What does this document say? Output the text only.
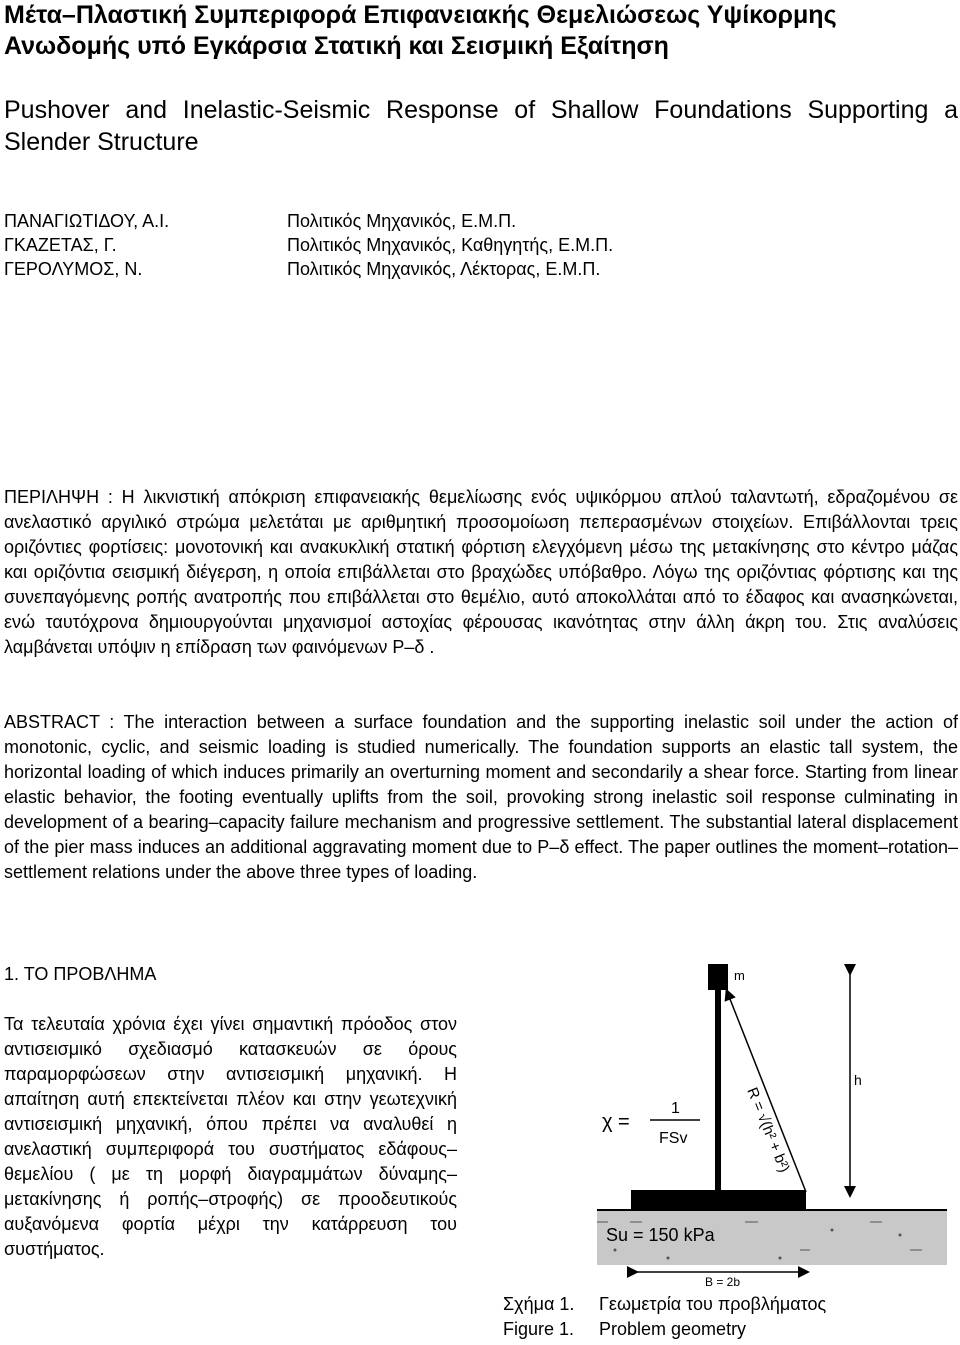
Μέτα–Πλαστική Συμπεριφορά Επιφανειακής Θεμελιώσεως Υψίκορμης Ανωδομής υπό Εγκάρσια Στατική και Σεισμική Εξαίτηση
Pushover and Inelastic-Seismic Response of Shallow Foundations Supporting a Slender Structure
ΠΑΝΑΓΙΩΤΙΔΟΥ, Α.Ι.
ΓΚΑΖΕΤΑΣ, Γ.
ΓΕΡΟΛΥΜΟΣ, Ν.
Πολιτικός Μηχανικός, Ε.Μ.Π.
Πολιτικός Μηχανικός, Καθηγητής, Ε.Μ.Π.
Πολιτικός Μηχανικός, Λέκτορας, Ε.Μ.Π.
ΠΕΡΙΛΗΨΗ : Η λικνιστική απόκριση επιφανειακής θεμελίωσης ενός υψικόρμου απλού ταλαντωτή, εδραζομένου σε ανελαστικό αργιλικό στρώμα μελετάται με αριθμητική προσομοίωση πεπερασμένων στοιχείων. Επιβάλλονται τρεις οριζόντιες φορτίσεις: μονοτονική και ανακυκλική στατική φόρτιση ελεγχόμενη μέσω της μετακίνησης στο κέντρο μάζας και οριζόντια σεισμική διέγερση, η οποία επιβάλλεται στο βραχώδες υπόβαθρο. Λόγω της οριζόντιας φόρτισης και της συνεπαγόμενης ροπής ανατροπής που επιβάλλεται στο θεμέλιο, αυτό αποκολλάται από το έδαφος και ανασηκώνεται, ενώ ταυτόχρονα δημιουργούνται μηχανισμοί αστοχίας φέρουσας ικανότητας στην άλλη άκρη του. Στις αναλύσεις λαμβάνεται υπόψιν η επίδραση των φαινόμενων P–δ .
ABSTRACT : The interaction between a surface foundation and the supporting inelastic soil under the action of monotonic, cyclic, and seismic loading is studied numerically. The foundation supports an elastic tall system, the horizontal loading of which induces primarily an overturning moment and secondarily a shear force. Starting from linear elastic behavior, the footing eventually uplifts from the soil, provoking strong inelastic soil response culminating in development of a bearing–capacity failure mechanism and progressive settlement. The substantial lateral displacement of the pier mass induces an additional aggravating moment due to P–δ effect. The paper outlines the moment–rotation–settlement relations under the above three types of loading.
1. ΤΟ ΠΡΟΒΛΗΜΑ
Τα τελευταία χρόνια έχει γίνει σημαντική πρόοδος στον αντισεισμικό σχεδιασμό κατασκευών σε όρους παραμορφώσεων στην αντισεισμική μηχανική. Η απαίτηση αυτή επεκτείνεται πλέον και στην γεωτεχνική αντισεισμική μηχανική, όπου πρέπει να αναλυθεί η ανελαστική συμπεριφορά του συστήματος εδάφους–θεμελίου ( με τη μορφή διαγραμμάτων δύναμης–μετακίνησης ή ροπής–στροφής) σε προοδευτικούς αυξανόμενα φορτία μέχρι την κατάρρευση του συστήματος.
m
R = √(h² + b²)
h
χ =
1
FSv
Su = 150 kPa
B = 2b
Σχήμα 1. Γεωμετρία του προβλήματος
Figure 1. Problem geometry
